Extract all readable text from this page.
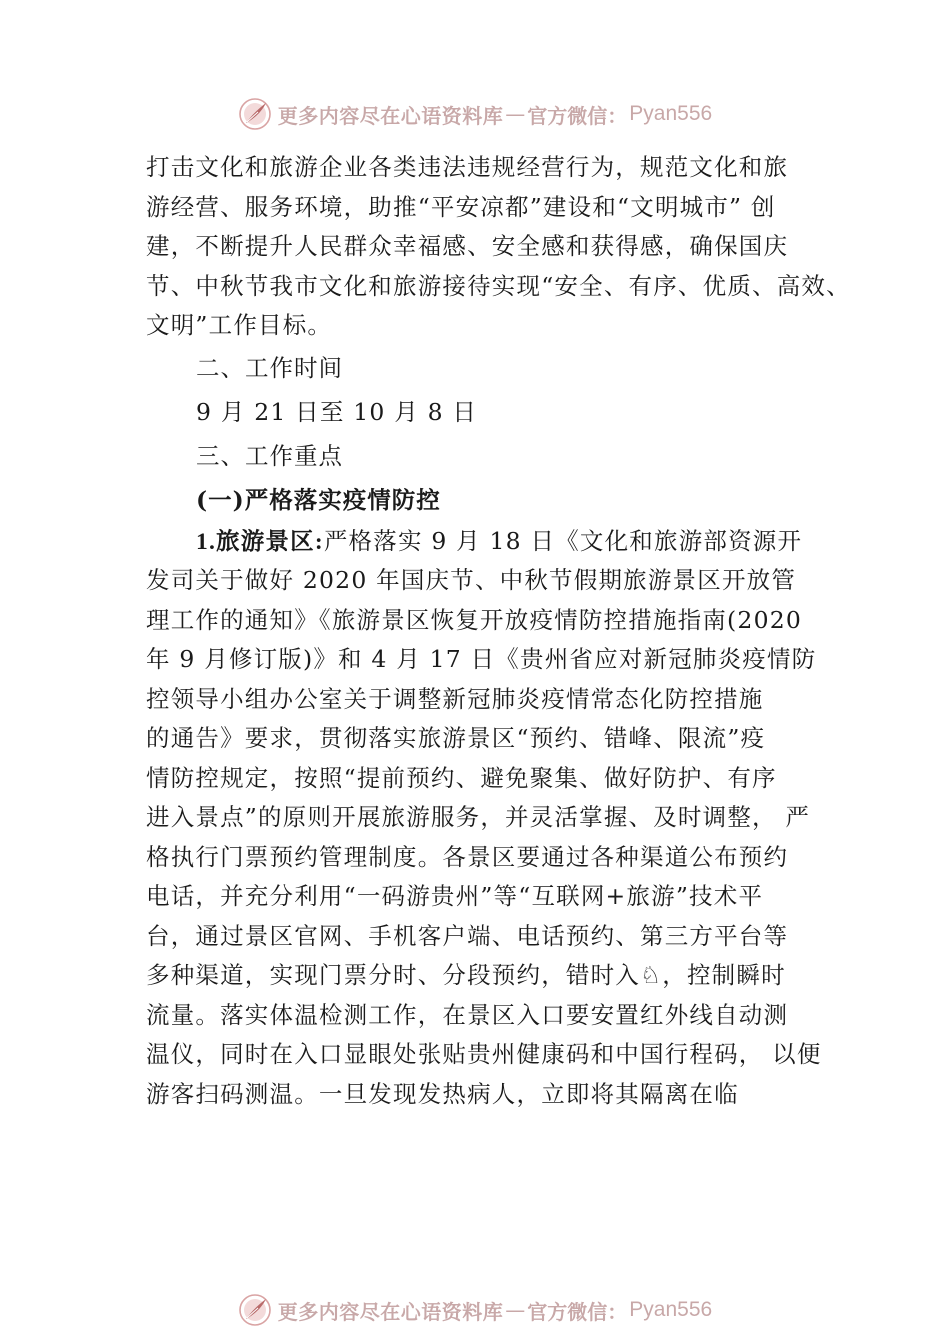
更多内容尽在心语资料库 — 官方微信： Pyan556
打击文化和旅游企业各类违法违规经营行为，规范文化和旅
游经营、服务环境，助推“平安凉都”建设和“文明城市” 创
建，不断提升人民群众幸福感、安全感和获得感，确保国庆
节、中秋节我市文化和旅游接待实现“安全、有序、优质、高效、
文明”工作目标。
二、工作时间
9 月 21 日至 10 月 8 日
三、工作重点
(一)严格落实疫情防控
1.旅游景区:严格落实 9 月 18 日《文化和旅游部资源开
发司关于做好 2020 年国庆节、中秋节假期旅游景区开放管
理工作的通知》《旅游景区恢复开放疫情防控措施指南(2020
年 9 月修订版)》和 4 月 17 日《贵州省应对新冠肺炎疫情防
控领导小组办公室关于调整新冠肺炎疫情常态化防控措施
的通告》要求，贯彻落实旅游景区“预约、错峰、限流”疫
情防控规定，按照“提前预约、避免聚集、做好防护、有序
进入景点”的原则开展旅游服务，并灵活掌握、及时调整， 严
格执行门票预约管理制度。各景区要通过各种渠道公布预约
电话，并充分利用“一码游贵州”等“互联网+旅游”技术平
台，通过景区官网、手机客户端、电话预约、第三方平台等
多种渠道，实现门票分时、分段预约，错时入♘，控制瞬时
流量。落实体温检测工作，在景区入口要安置红外线自动测
温仪，同时在入口显眼处张贴贵州健康码和中国行程码， 以便
游客扫码测温。一旦发现发热病人，立即将其隔离在临
更多内容尽在心语资料库 — 官方微信： Pyan556
